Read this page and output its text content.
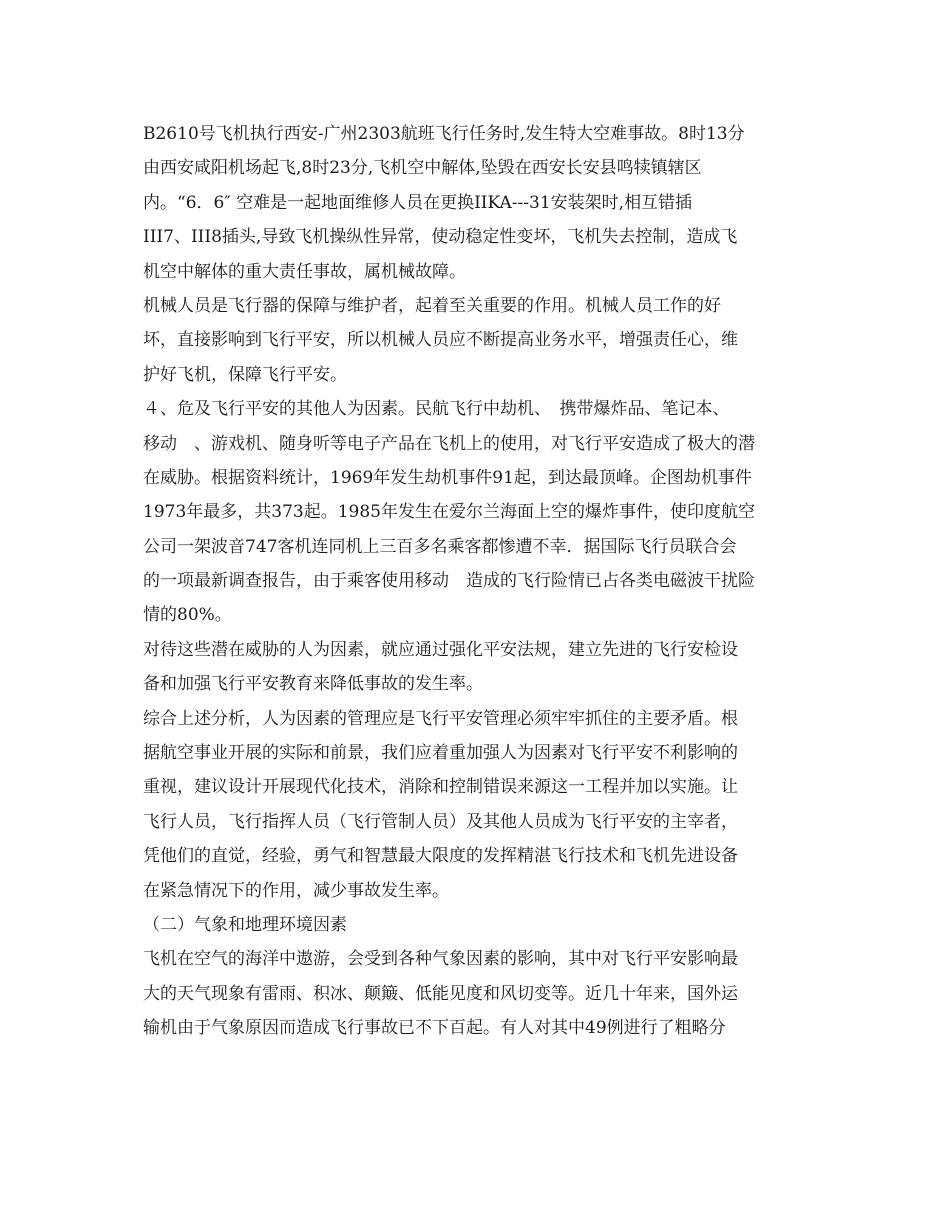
B2610号飞机执行西安-广州2303航班飞行任务时,发生特大空难事故。8时13分
由西安咸阳机场起飞,8时23分,飞机空中解体,坠毁在西安长安县鸣犊镇辖区
内。“6．6″ 空难是一起地面维修人员在更换IIKA---31安装架时,相互错插
III7、III8插头,导致飞机操纵性异常，使动稳定性变坏，飞机失去控制，造成飞
机空中解体的重大责任事故，属机械故障。
机械人员是飞行器的保障与维护者，起着至关重要的作用。机械人员工作的好
坏，直接影响到飞行平安，所以机械人员应不断提高业务水平，增强责任心，维
护好飞机，保障飞行平安。
４、危及飞行平安的其他人为因素。民航飞行中劫机、　携带爆炸品、笔记本、
移动　、游戏机、随身听等电子产品在飞机上的使用，对飞行平安造成了极大的潜
在威胁。根据资料统计，1969年发生劫机事件91起，到达最顶峰。企图劫机事件
1973年最多，共373起。1985年发生在爱尔兰海面上空的爆炸事件，使印度航空
公司一架波音747客机连同机上三百多名乘客都惨遭不幸．据国际飞行员联合会
的一项最新调查报告，由于乘客使用移动　造成的飞行险情已占各类电磁波干扰险
情的80%。
对待这些潜在威胁的人为因素，就应通过强化平安法规，建立先进的飞行安检设
备和加强飞行平安教育来降低事故的发生率。
综合上述分析，人为因素的管理应是飞行平安管理必须牢牢抓住的主要矛盾。根
据航空事业开展的实际和前景，我们应着重加强人为因素对飞行平安不利影响的
重视，建议设计开展现代化技术，消除和控制错误来源这一工程并加以实施。让
飞行人员，飞行指挥人员（飞行管制人员）及其他人员成为飞行平安的主宰者，
凭他们的直觉，经验，勇气和智慧最大限度的发挥精湛飞行技术和飞机先进设备
在紧急情况下的作用，减少事故发生率。
（二）气象和地理环境因素
飞机在空气的海洋中遨游，会受到各种气象因素的影响，其中对飞行平安影响最
大的天气现象有雷雨、积冰、颠簸、低能见度和风切变等。近几十年来，国外运
输机由于气象原因而造成飞行事故已不下百起。有人对其中49例进行了粗略分
